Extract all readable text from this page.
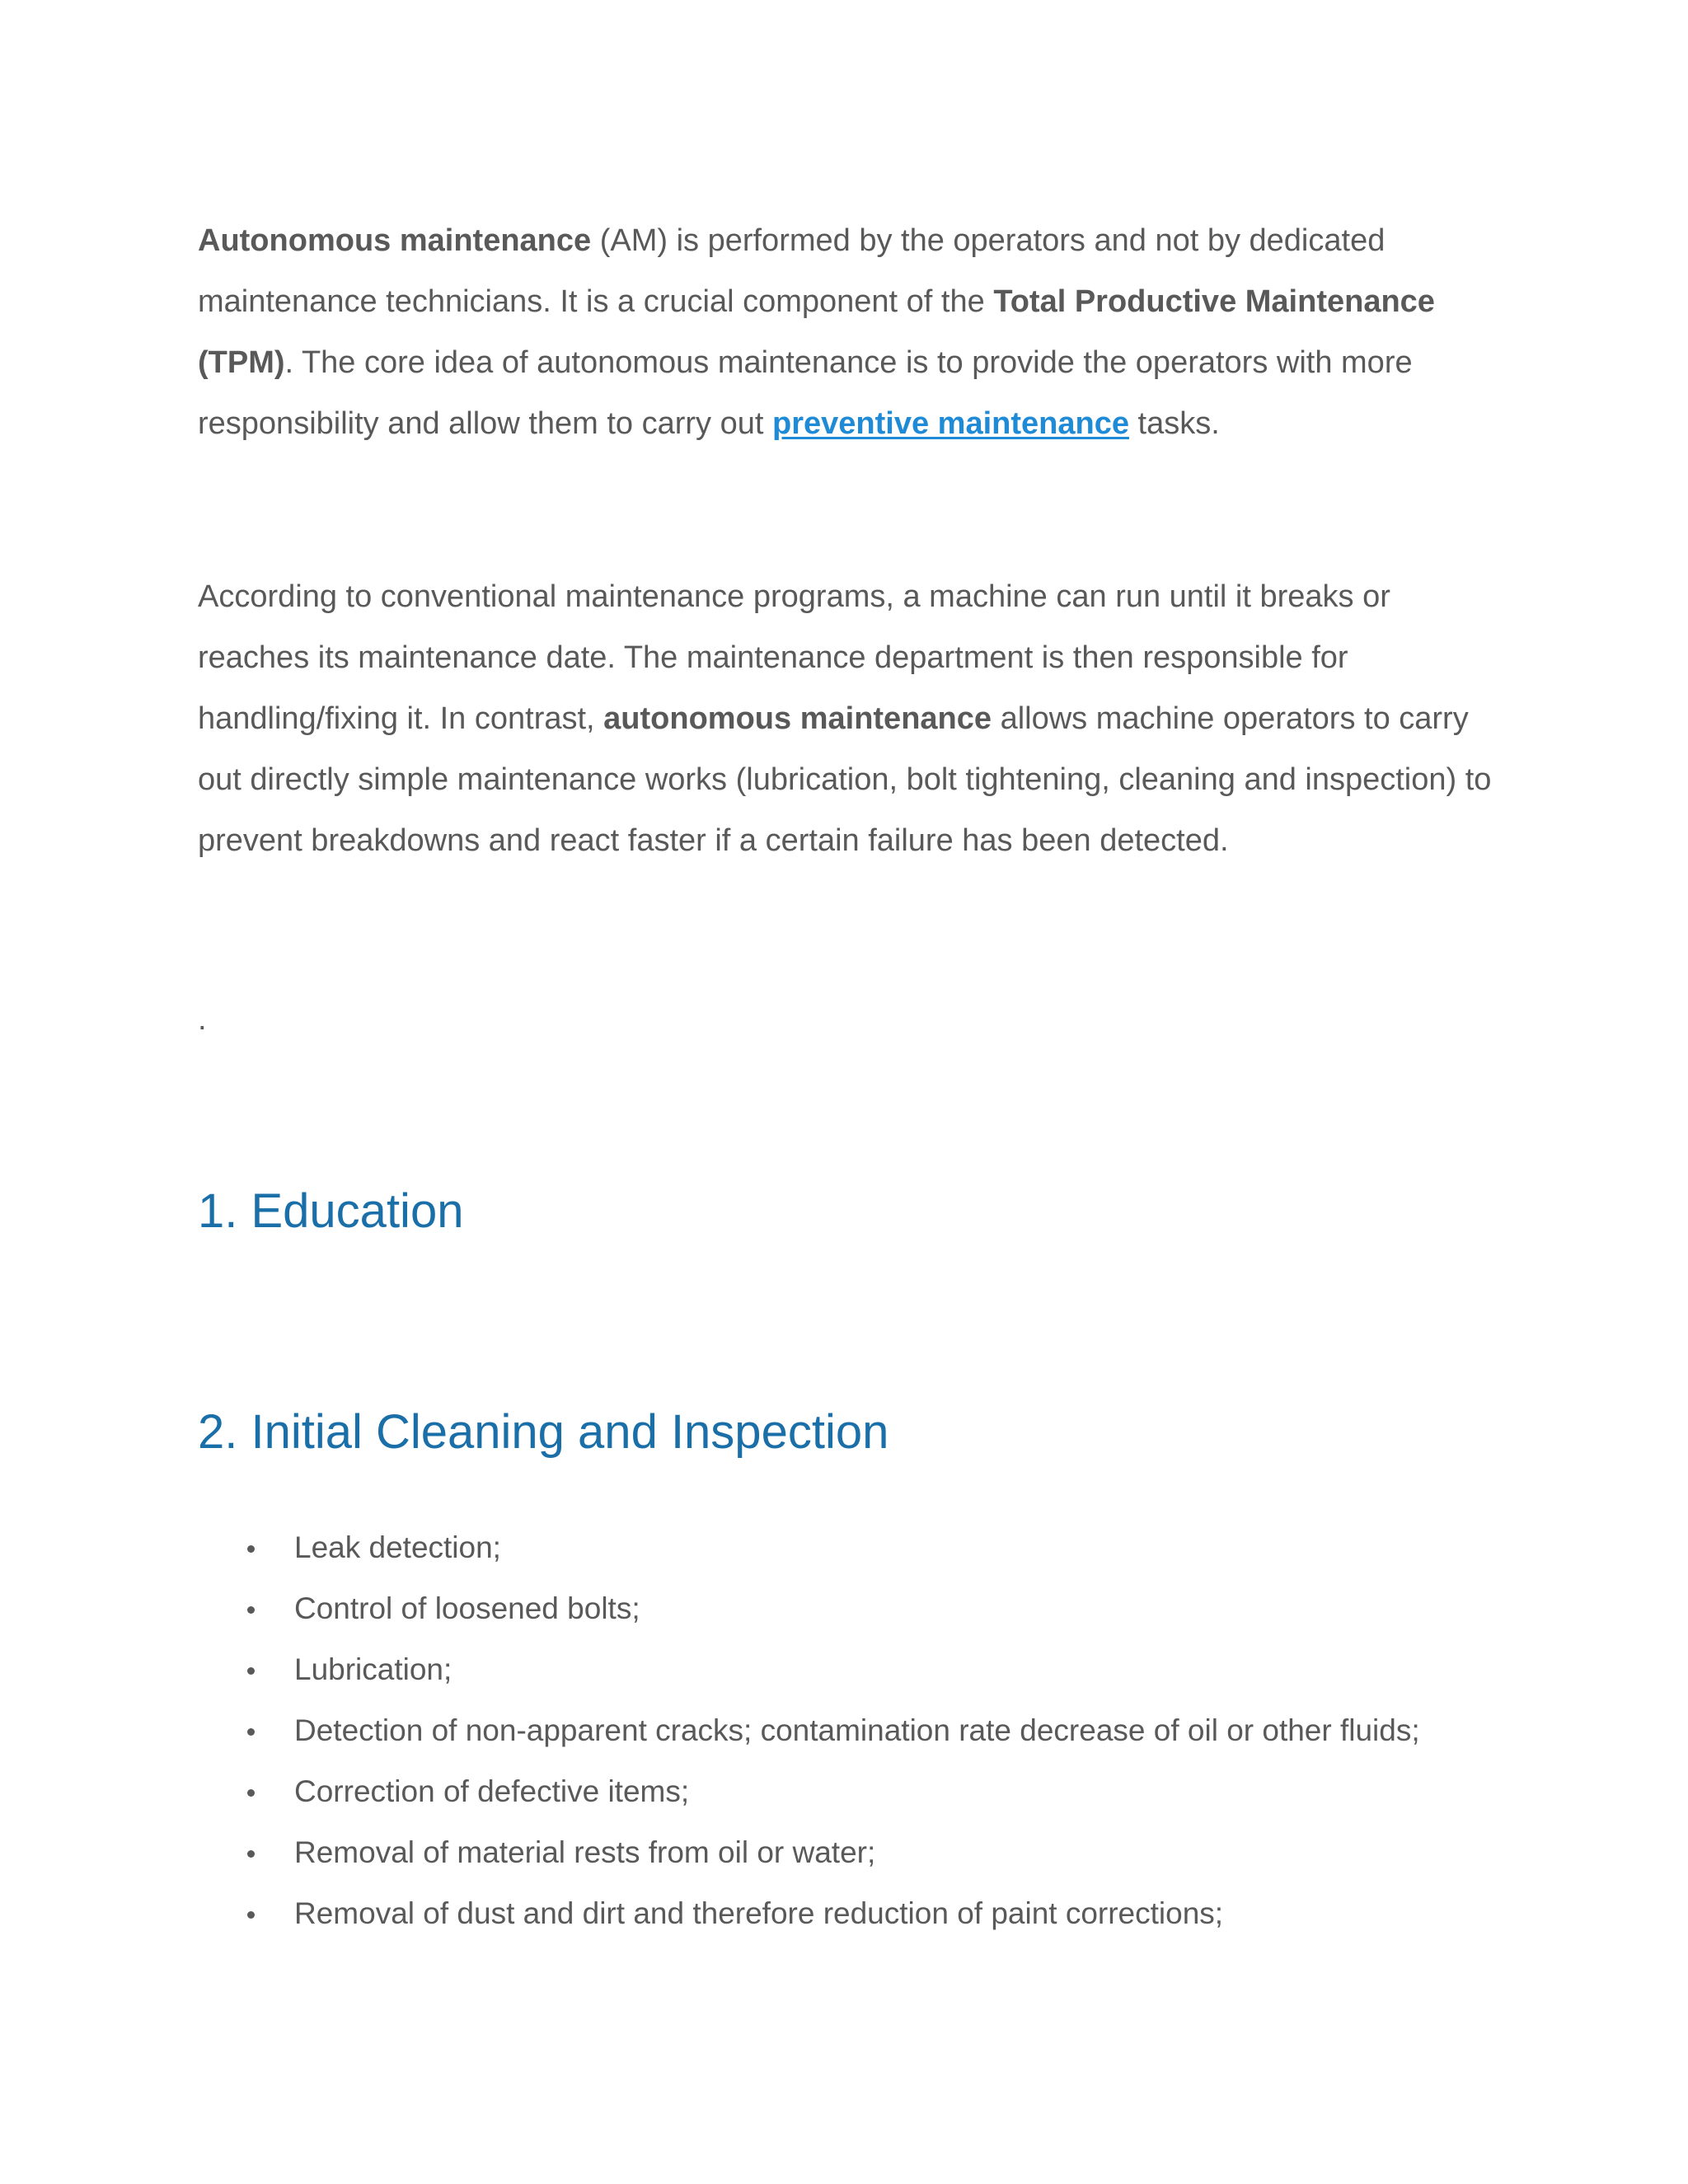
Autonomous maintenance (AM) is performed by the operators and not by dedicated maintenance technicians. It is a crucial component of the Total Productive Maintenance (TPM). The core idea of autonomous maintenance is to provide the operators with more responsibility and allow them to carry out preventive maintenance tasks.

According to conventional maintenance programs, a machine can run until it breaks or reaches its maintenance date. The maintenance department is then responsible for handling/fixing it. In contrast, autonomous maintenance allows machine operators to carry out directly simple maintenance works (lubrication, bolt tightening, cleaning and inspection) to prevent breakdowns and react faster if a certain failure has been detected.

.

1. Education
2. Initial Cleaning and Inspection
Leak detection;
Control of loosened bolts;
Lubrication;
Detection of non-apparent cracks; contamination rate decrease of oil or other fluids;
Correction of defective items;
Removal of material rests from oil or water;
Removal of dust and dirt and therefore reduction of paint corrections;
